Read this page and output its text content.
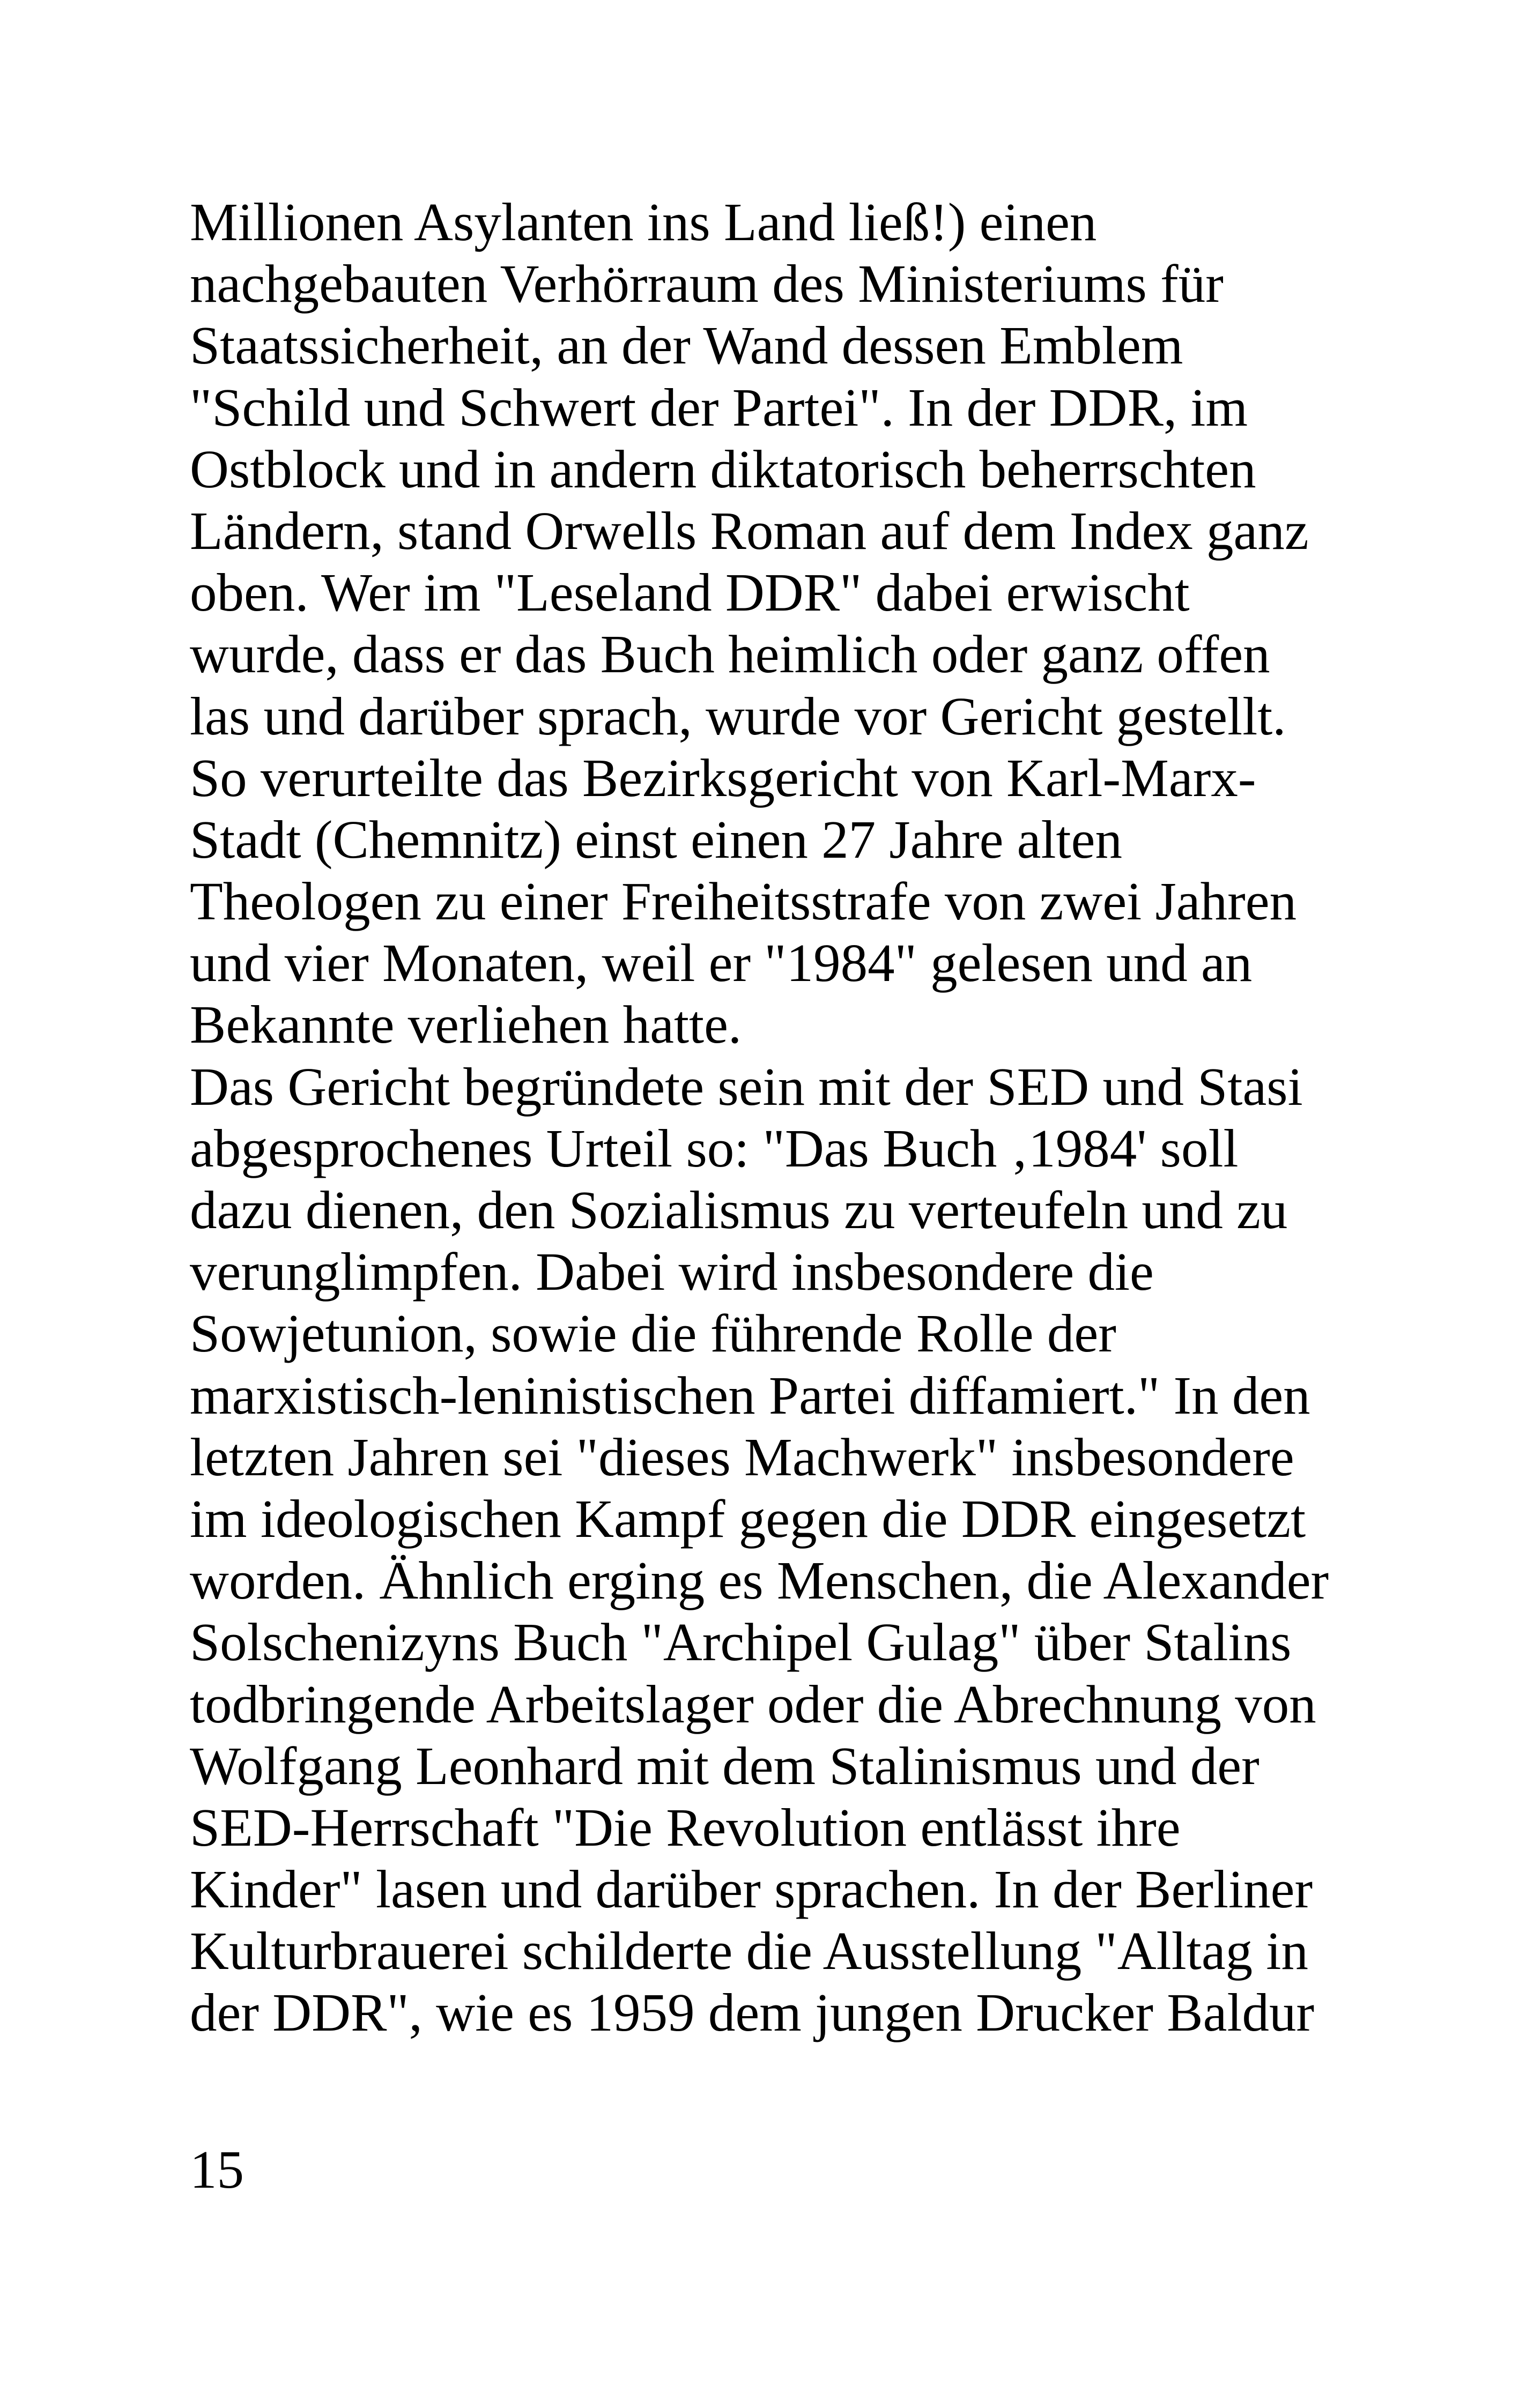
Millionen Asylanten ins Land ließ!) einen
nachgebauten Verhörraum des Ministeriums für
Staatssicherheit, an der Wand dessen Emblem
"Schild und Schwert der Partei". In der DDR, im
Ostblock und in andern diktatorisch beherrschten
Ländern, stand Orwells Roman auf dem Index ganz
oben. Wer im "Leseland DDR" dabei erwischt
wurde, dass er das Buch heimlich oder ganz offen
las und darüber sprach, wurde vor Gericht gestellt.
So verurteilte das Bezirksgericht von Karl-Marx-
Stadt (Chemnitz) einst einen 27 Jahre alten
Theologen zu einer Freiheitsstrafe von zwei Jahren
und vier Monaten, weil er "1984" gelesen und an
Bekannte verliehen hatte.
Das Gericht begründete sein mit der SED und Stasi
abgesprochenes Urteil so: "Das Buch ‚1984' soll
dazu dienen, den Sozialismus zu verteufeln und zu
verunglimpfen. Dabei wird insbesondere die
Sowjetunion, sowie die führende Rolle der
marxistisch-leninistischen Partei diffamiert." In den
letzten Jahren sei "dieses Machwerk" insbesondere
im ideologischen Kampf gegen die DDR eingesetzt
worden. Ähnlich erging es Menschen, die Alexander
Solschenizyns Buch "Archipel Gulag" über Stalins
todbringende Arbeitslager oder die Abrechnung von
Wolfgang Leonhard mit dem Stalinismus und der
SED-Herrschaft "Die Revolution entlässt ihre
Kinder" lasen und darüber sprachen. In der Berliner
Kulturbrauerei schilderte die Ausstellung "Alltag in
der DDR", wie es 1959 dem jungen Drucker Baldur
15
